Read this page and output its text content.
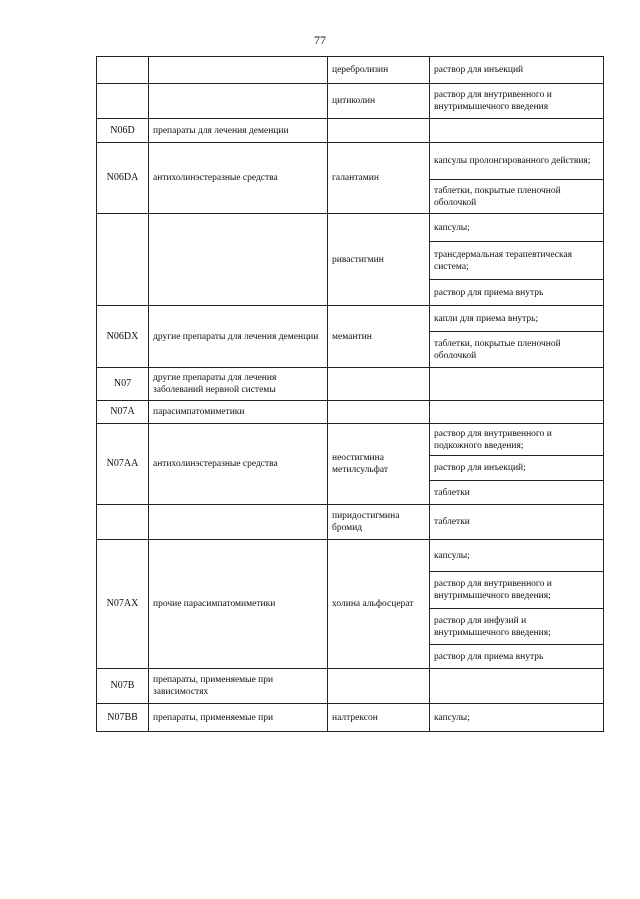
77
		церебролизин	раствор для инъекций
		цитиколин	раствор для внутривенного и внутримышечного введения
N06D	препараты для лечения деменции		
N06DA	антихолинэстеразные средства	галантамин	капсулы пролонгированного действия;
			таблетки, покрытые пленочной оболочкой
		ривастигмин	капсулы;
			трансдермальная терапевтическая система;
			раствор для приема внутрь
N06DX	другие препараты для лечения деменции	мемантин	капли для приема внутрь;
			таблетки, покрытые пленочной оболочкой
N07	другие препараты для лечения заболеваний нервной системы		
N07A	парасимпатомиметики		
N07AA	антихолинэстеразные средства	неостигмина метилсульфат	раствор для внутривенного и подкожного введения;
			раствор для инъекций;
			таблетки
		пиридостигмина бромид	таблетки
N07AX	прочие парасимпатомиметики	холина альфосцерат	капсулы;
			раствор для внутривенного и внутримышечного введения;
			раствор для инфузий и внутримышечного введения;
			раствор для приема внутрь
N07B	препараты, применяемые при зависимостях		
N07BB	препараты, применяемые при	налтрексон	капсулы;
